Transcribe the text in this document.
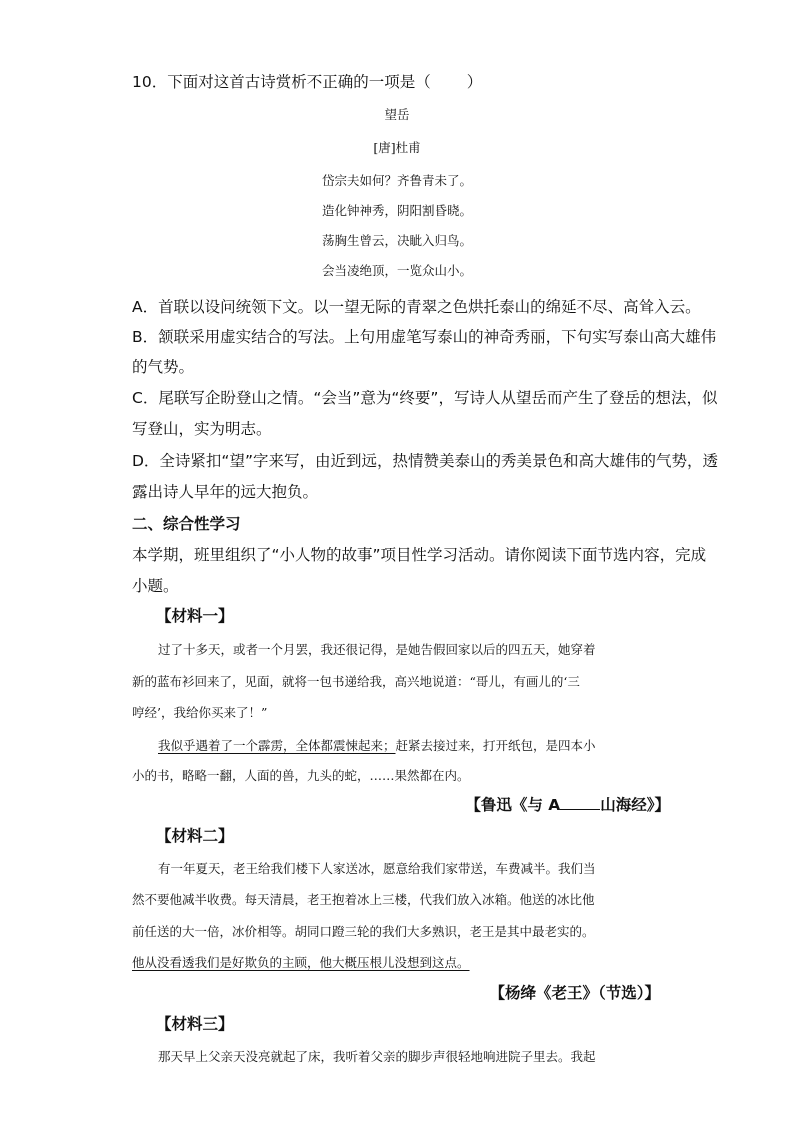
10．下面对这首古诗赏析不正确的一项是（ ）
望岳
[唐]杜甫
岱宗夫如何？齐鲁青未了。
造化钟神秀，阴阳割昏晓。
荡胸生曾云，决眦入归鸟。
会当凌绝顶，一览众山小。
A．首联以设问统领下文。以一望无际的青翠之色烘托泰山的绵延不尽、高耸入云。
B．颔联采用虚实结合的写法。上句用虚笔写泰山的神奇秀丽，下句实写泰山高大雄伟
的气势。
C．尾联写企盼登山之情。“会当”意为“终要”，写诗人从望岳而产生了登岳的想法，似
写登山，实为明志。
D．全诗紧扣“望”字来写，由近到远，热情赞美泰山的秀美景色和高大雄伟的气势，透
露出诗人早年的远大抱负。
二、综合性学习
本学期，班里组织了“小人物的故事”项目性学习活动。请你阅读下面节选内容，完成
小题。
【材料一】
过了十多天，或者一个月罢，我还很记得，是她告假回家以后的四五天，她穿着
新的蓝布衫回来了，见面，就将一包书递给我，高兴地说道：“哥儿，有画儿的‘三
哼经’，我给你买来了！”
我似乎遇着了一个霹雳，全体都震悚起来；赶紧去接过来，打开纸包，是四本小
小的书，略略一翻，人面的兽，九头的蛇，……果然都在内。
【鲁迅《与 A	山海经》】
【材料二】
有一年夏天，老王给我们楼下人家送冰，愿意给我们家带送，车费减半。我们当
然不要他减半收费。每天清晨，老王抱着冰上三楼，代我们放入冰箱。他送的冰比他
前任送的大一倍，冰价相等。胡同口蹬三轮的我们大多熟识，老王是其中最老实的。
他从没看透我们是好欺负的主顾，他大概压根儿没想到这点。
【杨绛《老王》（节选）】
【材料三】
那天早上父亲天没亮就起了床，我听着父亲的脚步声很轻地响进院子里去。我起
